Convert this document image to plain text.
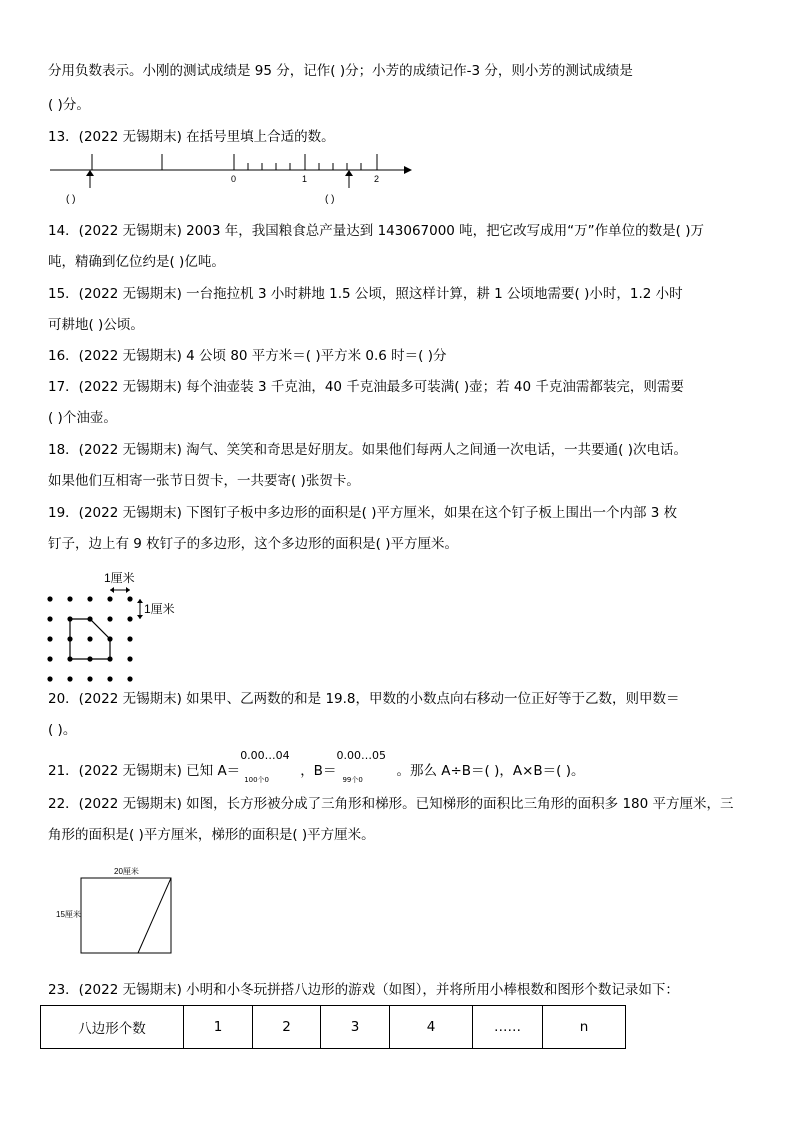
分用负数表示。小刚的测试成绩是 95 分，记作( )分；小芳的成绩记作-3 分，则小芳的测试成绩是
( )分。
13．(2022 无锡期末) 在括号里填上合适的数。
0	1	2
( )	( )
14．(2022 无锡期末) 2003 年，我国粮食总产量达到 143067000 吨，把它改写成用“万”作单位的数是( )万
吨，精确到亿位约是( )亿吨。
15．(2022 无锡期末) 一台拖拉机 3 小时耕地 1.5 公顷，照这样计算，耕 1 公顷地需要( )小时，1.2 小时
可耕地( )公顷。
16．(2022 无锡期末) 4 公顷 80 平方米＝( )平方米 0.6 时＝( )分
17．(2022 无锡期末) 每个油壶装 3 千克油，40 千克油最多可装满( )壶；若 40 千克油需都装完，则需要
( )个油壶。
18．(2022 无锡期末) 淘气、笑笑和奇思是好朋友。如果他们每两人之间通一次电话，一共要通( )次电话。
如果他们互相寄一张节日贺卡，一共要寄( )张贺卡。
19．(2022 无锡期末) 下图钉子板中多边形的面积是( )平方厘米，如果在这个钉子板上围出一个内部 3 枚
钉子，边上有 9 枚钉子的多边形，这个多边形的面积是( )平方厘米。
1厘米
1厘米
20．(2022 无锡期末) 如果甲、乙两数的和是 19.8，甲数的小数点向右移动一位正好等于乙数，则甲数＝
( )。
21．(2022 无锡期末) 已知 A＝
0.00…04
100个0
，B＝
0.00…05
99个0
。那么 A÷B＝( )，A×B＝( )。
22．(2022 无锡期末) 如图，长方形被分成了三角形和梯形。已知梯形的面积比三角形的面积多 180 平方厘米，三
角形的面积是( )平方厘米，梯形的面积是( )平方厘米。
20厘米
15厘米
23．(2022 无锡期末) 小明和小冬玩拼搭八边形的游戏（如图），并将所用小棒根数和图形个数记录如下：
八边形个数	1	2	3	4	……	n
